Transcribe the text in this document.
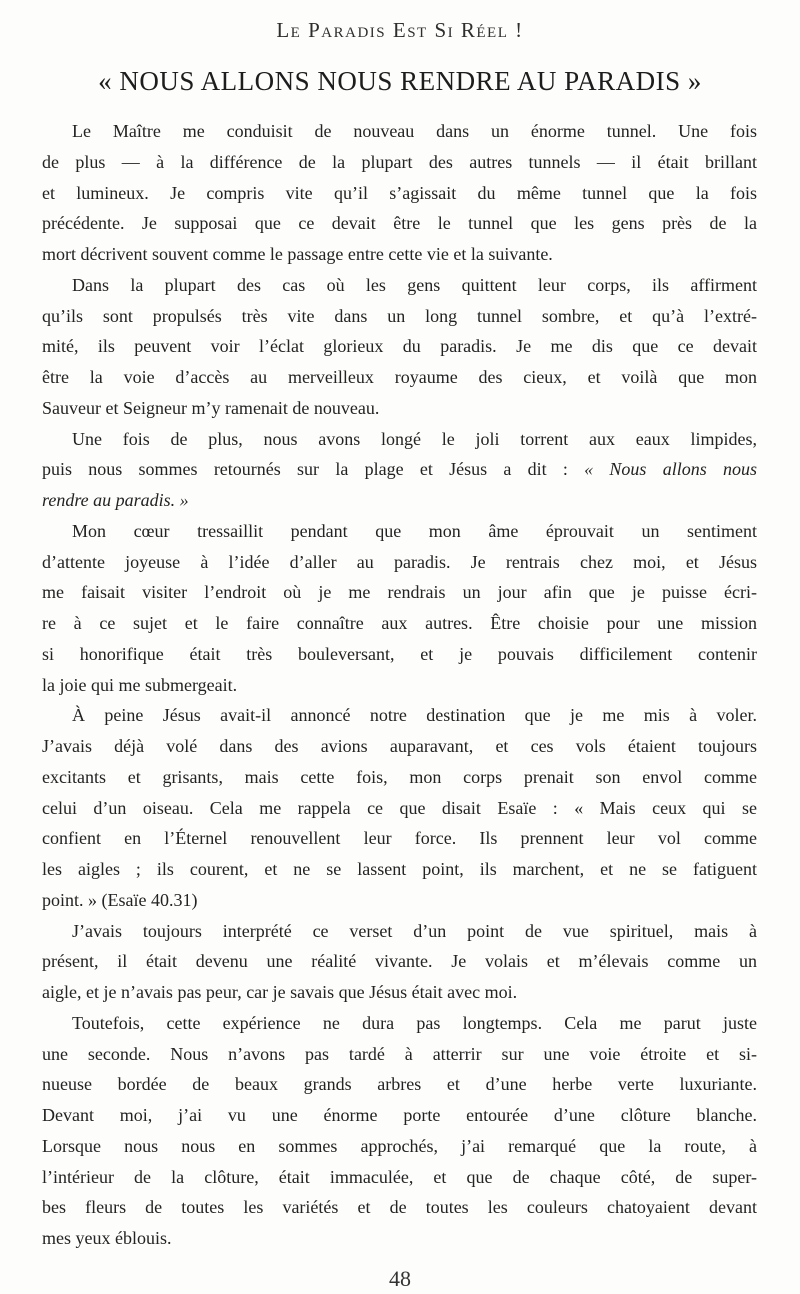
Le Paradis Est Si Réel !
« NOUS ALLONS NOUS RENDRE AU PARADIS »
Le Maître me conduisit de nouveau dans un énorme tunnel. Une fois
de plus — à la différence de la plupart des autres tunnels — il était brillant
et lumineux. Je compris vite qu’il s’agissait du même tunnel que la fois
précédente. Je supposai que ce devait être le tunnel que les gens près de la
mort décrivent souvent comme le passage entre cette vie et la suivante.
Dans la plupart des cas où les gens quittent leur corps, ils affirment
qu’ils sont propulsés très vite dans un long tunnel sombre, et qu’à l’extré-
mité, ils peuvent voir l’éclat glorieux du paradis. Je me dis que ce devait
être la voie d’accès au merveilleux royaume des cieux, et voilà que mon
Sauveur et Seigneur m’y ramenait de nouveau.
Une fois de plus, nous avons longé le joli torrent aux eaux limpides,
puis nous sommes retournés sur la plage et Jésus a dit : « Nous allons nous
rendre au paradis. »
Mon cœur tressaillit pendant que mon âme éprouvait un sentiment
d’attente joyeuse à l’idée d’aller au paradis. Je rentrais chez moi, et Jésus
me faisait visiter l’endroit où je me rendrais un jour afin que je puisse écri-
re à ce sujet et le faire connaître aux autres. Être choisie pour une mission
si honorifique était très bouleversant, et je pouvais difficilement contenir
la joie qui me submergeait.
À peine Jésus avait-il annoncé notre destination que je me mis à voler.
J’avais déjà volé dans des avions auparavant, et ces vols étaient toujours
excitants et grisants, mais cette fois, mon corps prenait son envol comme
celui d’un oiseau. Cela me rappela ce que disait Esaïe : « Mais ceux qui se
confient en l’Éternel renouvellent leur force. Ils prennent leur vol comme
les aigles ; ils courent, et ne se lassent point, ils marchent, et ne se fatiguent
point. » (Esaïe 40.31)
J’avais toujours interprété ce verset d’un point de vue spirituel, mais à
présent, il était devenu une réalité vivante. Je volais et m’élevais comme un
aigle, et je n’avais pas peur, car je savais que Jésus était avec moi.
Toutefois, cette expérience ne dura pas longtemps. Cela me parut juste
une seconde. Nous n’avons pas tardé à atterrir sur une voie étroite et si-
nueuse bordée de beaux grands arbres et d’une herbe verte luxuriante.
Devant moi, j’ai vu une énorme porte entourée d’une clôture blanche.
Lorsque nous nous en sommes approchés, j’ai remarqué que la route, à
l’intérieur de la clôture, était immaculée, et que de chaque côté, de super-
bes fleurs de toutes les variétés et de toutes les couleurs chatoyaient devant
mes yeux éblouis.
48
